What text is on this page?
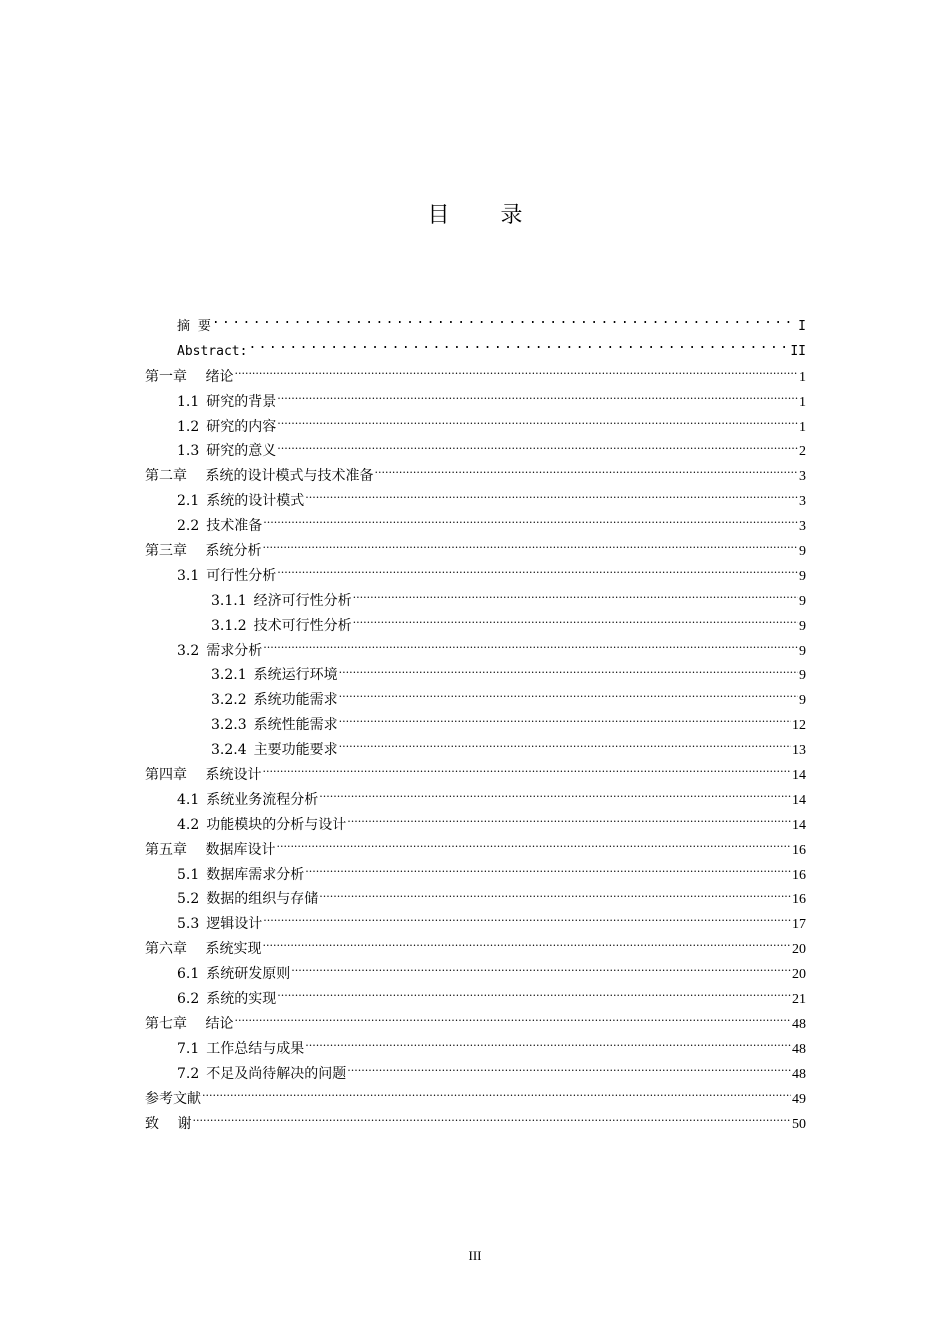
目 录
摘 要 .....	I
Abstract: .....	II
第一章  绪论 .....	1
1.1 研究的背景 .....	1
1.2 研究的内容 .....	1
1.3 研究的意义 .....	2
第二章  系统的设计模式与技术准备 .....	3
2.1 系统的设计模式 .....	3
2.2 技术准备 .....	3
第三章  系统分析 .....	9
3.1 可行性分析 .....	9
3.1.1 经济可行性分析 .....	9
3.1.2 技术可行性分析 .....	9
3.2 需求分析 .....	9
3.2.1 系统运行环境 .....	9
3.2.2 系统功能需求 .....	9
3.2.3 系统性能需求 .....	12
3.2.4 主要功能要求 .....	13
第四章  系统设计 .....	14
4.1 系统业务流程分析 .....	14
4.2 功能模块的分析与设计 .....	14
第五章  数据库设计 .....	16
5.1 数据库需求分析 .....	16
5.2 数据的组织与存储 .....	16
5.3 逻辑设计 .....	17
第六章  系统实现 .....	20
6.1 系统研发原则 .....	20
6.2 系统的实现 .....	21
第七章  结论 .....	48
7.1 工作总结与成果 .....	48
7.2 不足及尚待解决的问题 .....	48
参考文献 .....	49
致  谢 .....	50
III
